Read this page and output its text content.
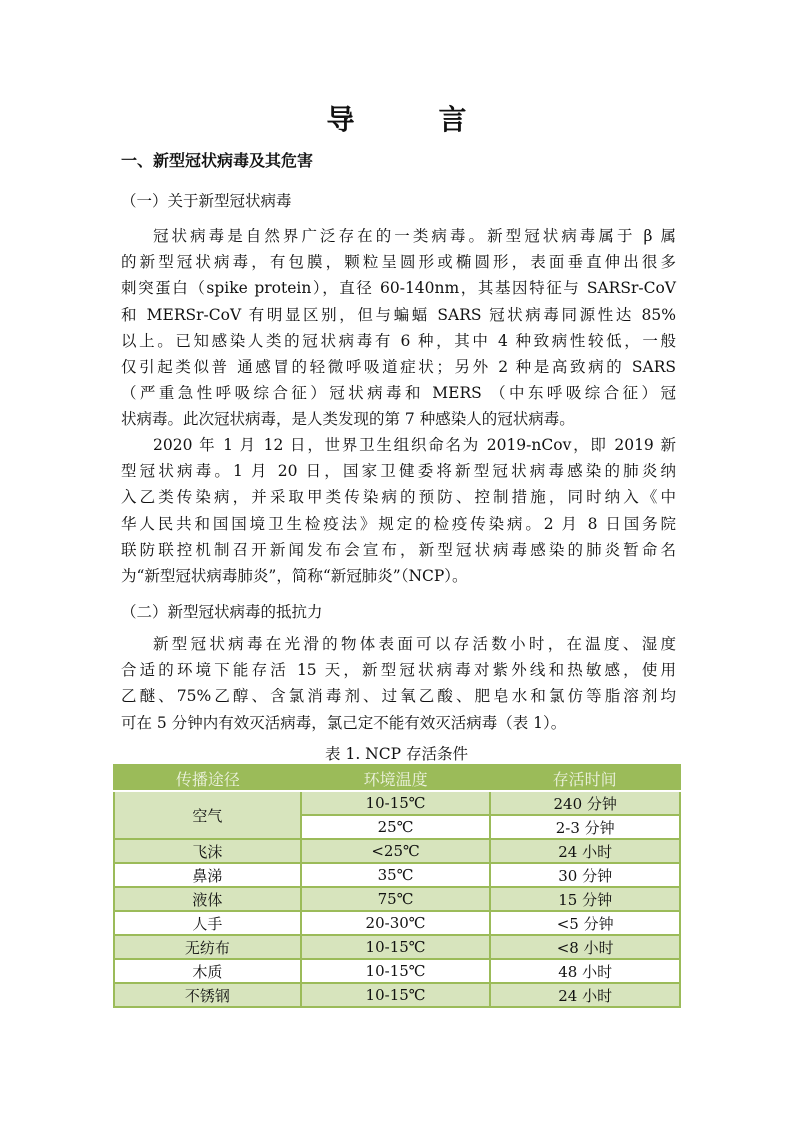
导　言
一、新型冠状病毒及其危害
（一）关于新型冠状病毒
冠状病毒是自然界广泛存在的一类病毒。新型冠状病毒属于 β 属
的新型冠状病毒，有包膜，颗粒呈圆形或椭圆形，表面垂直伸出很多
刺突蛋白（spike protein），直径 60-140nm，其基因特征与 SARSr-CoV
和 MERSr-CoV 有明显区别，但与蝙蝠 SARS 冠状病毒同源性达 85%
以上。已知感染人类的冠状病毒有 6 种，其中 4 种致病性较低，一般
仅引起类似普 通感冒的轻微呼吸道症状；另外 2 种是高致病的 SARS
（严重急性呼吸综合征）冠状病毒和 MERS （中东呼吸综合征）冠
状病毒。此次冠状病毒，是人类发现的第 7 种感染人的冠状病毒。
2020 年 1 月 12 日，世界卫生组织命名为 2019-nCov，即 2019 新
型冠状病毒。1 月 20 日，国家卫健委将新型冠状病毒感染的肺炎纳
入乙类传染病，并采取甲类传染病的预防、控制措施，同时纳入《中
华人民共和国国境卫生检疫法》规定的检疫传染病。2 月 8 日国务院
联防联控机制召开新闻发布会宣布，新型冠状病毒感染的肺炎暂命名
为“新型冠状病毒肺炎”，简称“新冠肺炎”（NCP）。
（二）新型冠状病毒的抵抗力
新型冠状病毒在光滑的物体表面可以存活数小时，在温度、湿度
合适的环境下能存活 15 天，新型冠状病毒对紫外线和热敏感，使用
乙醚、75%乙醇、含氯消毒剂、过氧乙酸、肥皂水和氯仿等脂溶剂均
可在 5 分钟内有效灭活病毒，氯己定不能有效灭活病毒（表 1）。
表 1. NCP 存活条件
传播途径	环境温度	存活时间
空气	10-15℃	240 分钟
	25℃	2-3 分钟
飞沫	<25℃	24 小时
鼻涕	35℃	30 分钟
液体	75℃	15 分钟
人手	20-30℃	<5 分钟
无纺布	10-15℃	<8 小时
木质	10-15℃	48 小时
不锈钢	10-15℃	24 小时
